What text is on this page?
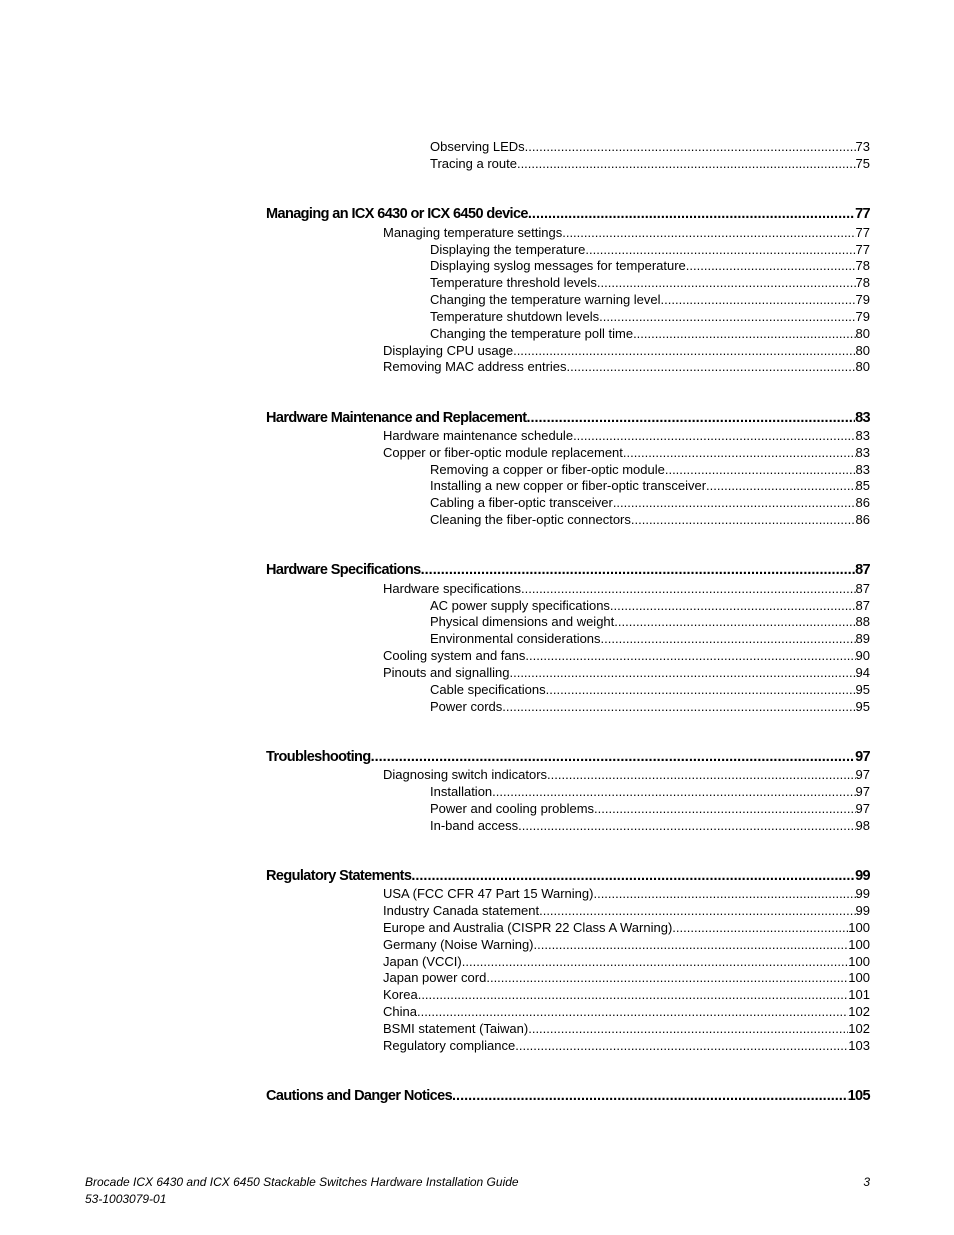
Observing LEDs .....	73
Tracing a route .....	75
Managing an ICX 6430 or ICX 6450 device .....	77
Managing temperature settings .....	77
Displaying the temperature .....	77
Displaying syslog messages for temperature .....	78
Temperature threshold levels .....	78
Changing the temperature warning level .....	79
Temperature shutdown levels .....	79
Changing the temperature poll time .....	80
Displaying CPU usage .....	80
Removing MAC address entries .....	80
Hardware Maintenance and Replacement .....	83
Hardware maintenance schedule .....	83
Copper or fiber-optic module replacement .....	83
Removing a copper or fiber-optic module .....	83
Installing a new copper or fiber-optic transceiver .....	85
Cabling a fiber-optic transceiver .....	86
Cleaning the fiber-optic connectors .....	86
Hardware Specifications .....	87
Hardware specifications .....	87
AC power supply specifications .....	87
Physical dimensions and weight .....	88
Environmental considerations .....	89
Cooling system and fans .....	90
Pinouts and signalling .....	94
Cable specifications .....	95
Power cords .....	95
Troubleshooting .....	97
Diagnosing switch indicators .....	97
Installation .....	97
Power and cooling problems .....	97
In-band access .....	98
Regulatory Statements .....	99
USA (FCC CFR 47 Part 15 Warning) .....	99
Industry Canada statement .....	99
Europe and Australia (CISPR 22 Class A Warning) .....	100
Germany (Noise Warning) .....	100
Japan (VCCI) .....	100
Japan power cord .....	100
Korea .....	101
China .....	102
BSMI statement (Taiwan) .....	102
Regulatory compliance .....	103
Cautions and Danger Notices .....	105
Brocade ICX 6430 and ICX 6450 Stackable Switches Hardware Installation Guide
53-1003079-01
3
